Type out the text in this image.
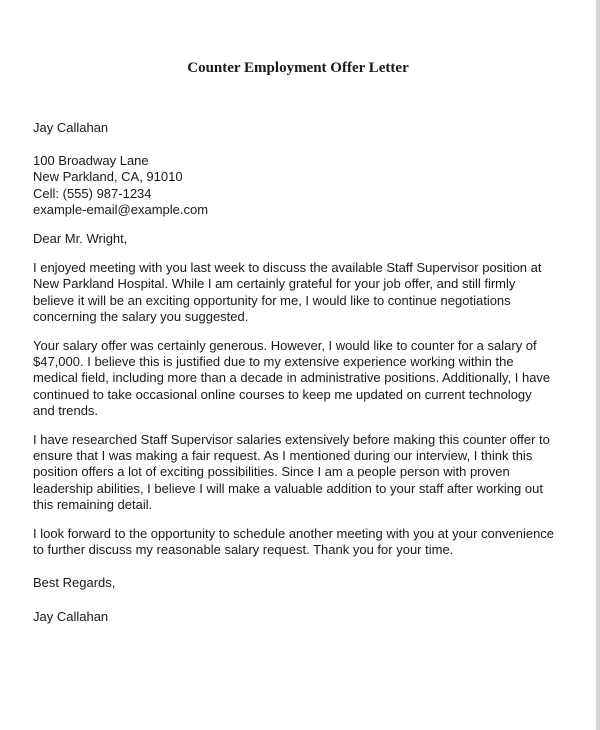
Counter Employment Offer Letter

Jay Callahan

100 Broadway Lane

New Parkland, CA, 91010

Cell: (555) 987-1234

example-email@example.com

Dear Mr. Wright,

I enjoyed meeting with you last week to discuss the available Staff Supervisor position at

New Parkland Hospital. While I am certainly grateful for your job offer, and still firmly

believe it will be an exciting opportunity for me, I would like to continue negotiations

concerning the salary you suggested.

Your salary offer was certainly generous. However, I would like to counter for a salary of

$47,000. I believe this is justified due to my extensive experience working within the

medical field, including more than a decade in administrative positions. Additionally, I have

continued to take occasional online courses to keep me updated on current technology

and trends.

I have researched Staff Supervisor salaries extensively before making this counter offer to

ensure that I was making a fair request. As I mentioned during our interview, I think this

position offers a lot of exciting possibilities. Since I am a people person with proven

leadership abilities, I believe I will make a valuable addition to your staff after working out

this remaining detail.

I look forward to the opportunity to schedule another meeting with you at your convenience

to further discuss my reasonable salary request. Thank you for your time.

Best Regards,

Jay Callahan
